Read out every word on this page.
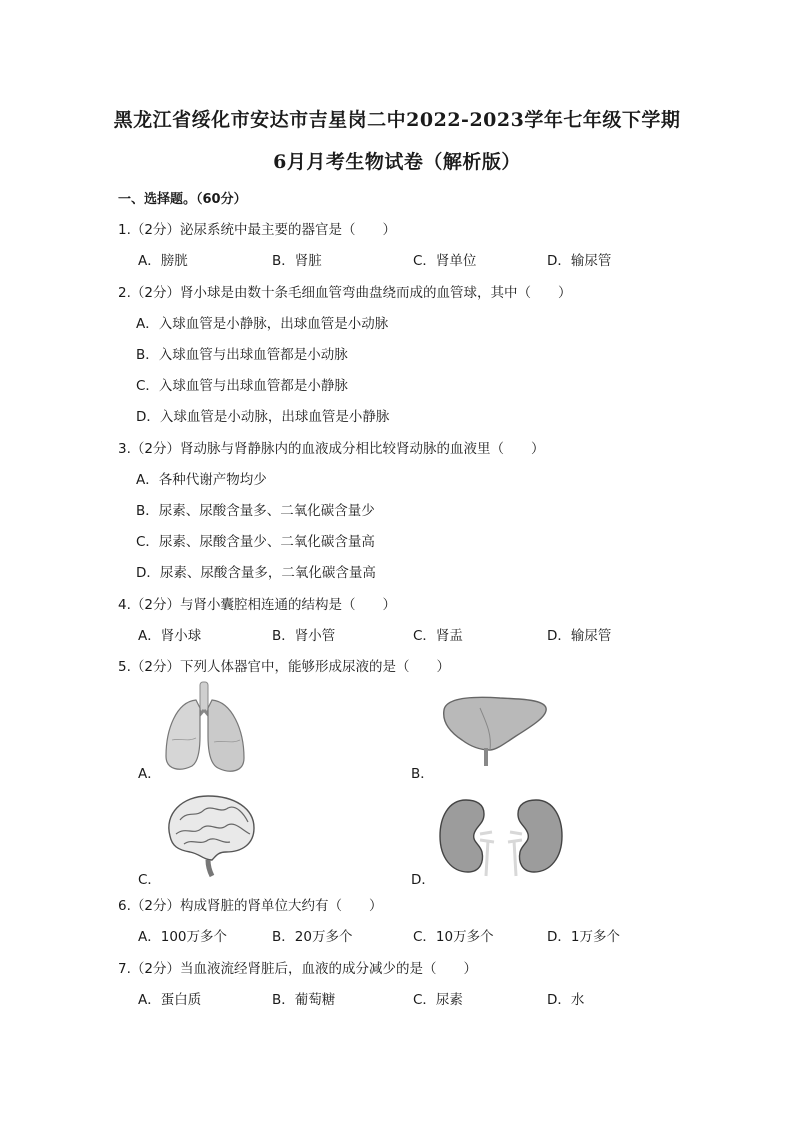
黑龙江省绥化市安达市吉星岗二中2022-2023学年七年级下学期
6月月考生物试卷（解析版）
一、选择题。（60分）
1.（2分）泌尿系统中最主要的器官是（　　）
A．膀胱	B．肾脏	C．肾单位	D．输尿管
2.（2分）肾小球是由数十条毛细血管弯曲盘绕而成的血管球，其中（　　）
A．入球血管是小静脉，出球血管是小动脉
B．入球血管与出球血管都是小动脉
C．入球血管与出球血管都是小静脉
D．入球血管是小动脉，出球血管是小静脉
3.（2分）肾动脉与肾静脉内的血液成分相比较肾动脉的血液里（　　）
A．各种代谢产物均少
B．尿素、尿酸含量多、二氧化碳含量少
C．尿素、尿酸含量少、二氧化碳含量高
D．尿素、尿酸含量多，二氧化碳含量高
4.（2分）与肾小囊腔相连通的结构是（　　）
A．肾小球	B．肾小管	C．肾盂	D．输尿管
5.（2分）下列人体器官中，能够形成尿液的是（　　）
A．	B．
C．	D．
6.（2分）构成肾脏的肾单位大约有（　　）
A．100万多个	B．20万多个	C．10万多个	D．1万多个
7.（2分）当血液流经肾脏后，血液的成分减少的是（　　）
A．蛋白质	B．葡萄糖	C．尿素	D．水
